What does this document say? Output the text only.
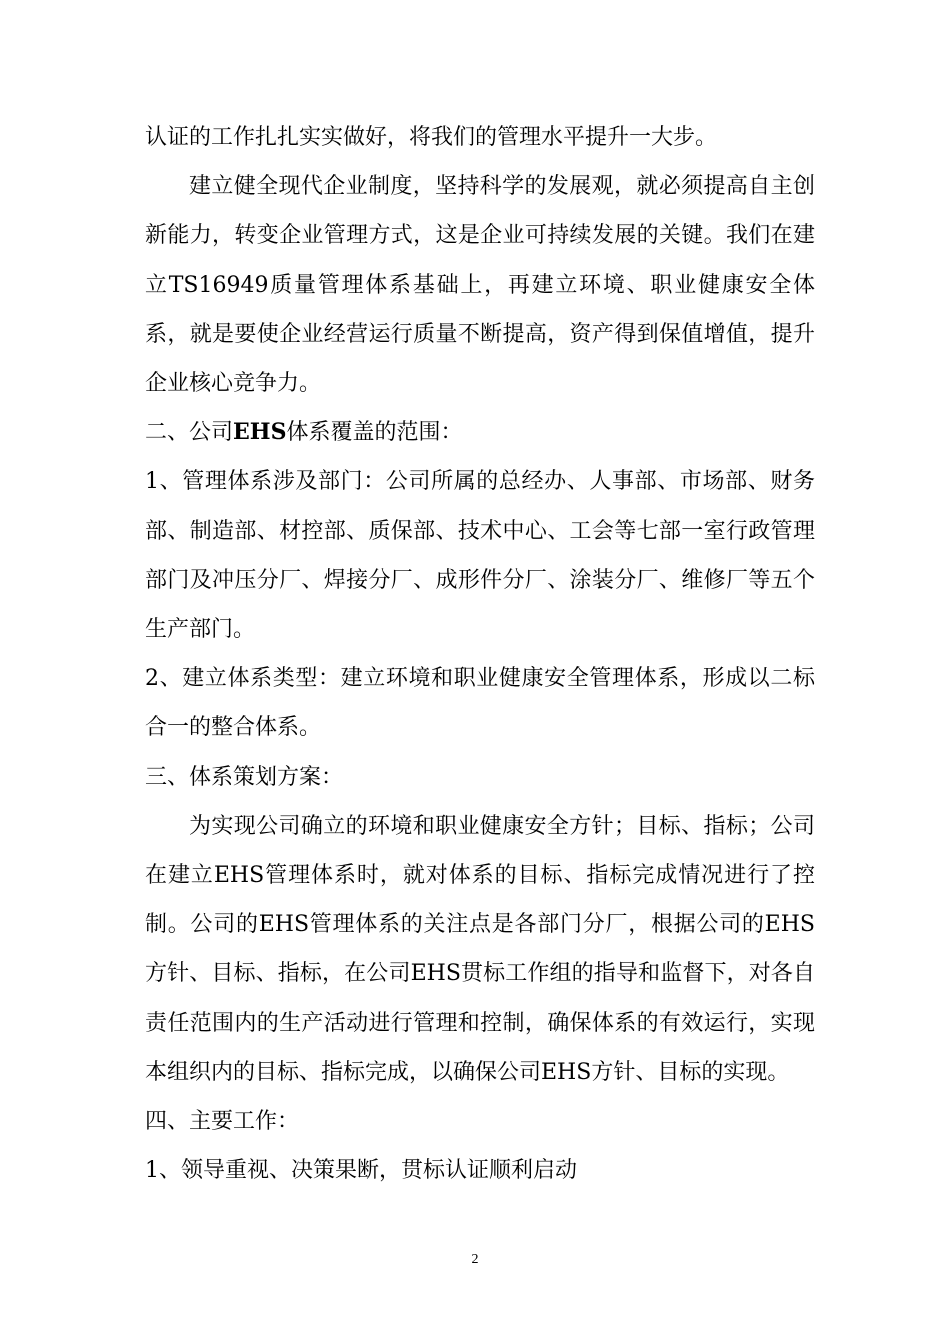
认证的工作扎扎实实做好，将我们的管理水平提升一大步。

建立健全现代企业制度，坚持科学的发展观，就必须提高自主创新能力，转变企业管理方式，这是企业可持续发展的关键。我们在建立TS16949质量管理体系基础上，再建立环境、职业健康安全体系，就是要使企业经营运行质量不断提高，资产得到保值增值，提升企业核心竞争力。

二、公司EHS体系覆盖的范围：

1、管理体系涉及部门：公司所属的总经办、人事部、市场部、财务部、制造部、材控部、质保部、技术中心、工会等七部一室行政管理部门及冲压分厂、焊接分厂、成形件分厂、涂装分厂、维修厂等五个生产部门。

2、建立体系类型：建立环境和职业健康安全管理体系，形成以二标合一的整合体系。

三、体系策划方案：

为实现公司确立的环境和职业健康安全方针；目标、指标；公司在建立EHS管理体系时，就对体系的目标、指标完成情况进行了控制。公司的EHS管理体系的关注点是各部门分厂，根据公司的EHS方针、目标、指标，在公司EHS贯标工作组的指导和监督下，对各自责任范围内的生产活动进行管理和控制，确保体系的有效运行，实现本组织内的目标、指标完成，以确保公司EHS方针、目标的实现。

四、主要工作：

1、领导重视、决策果断，贯标认证顺利启动

2
